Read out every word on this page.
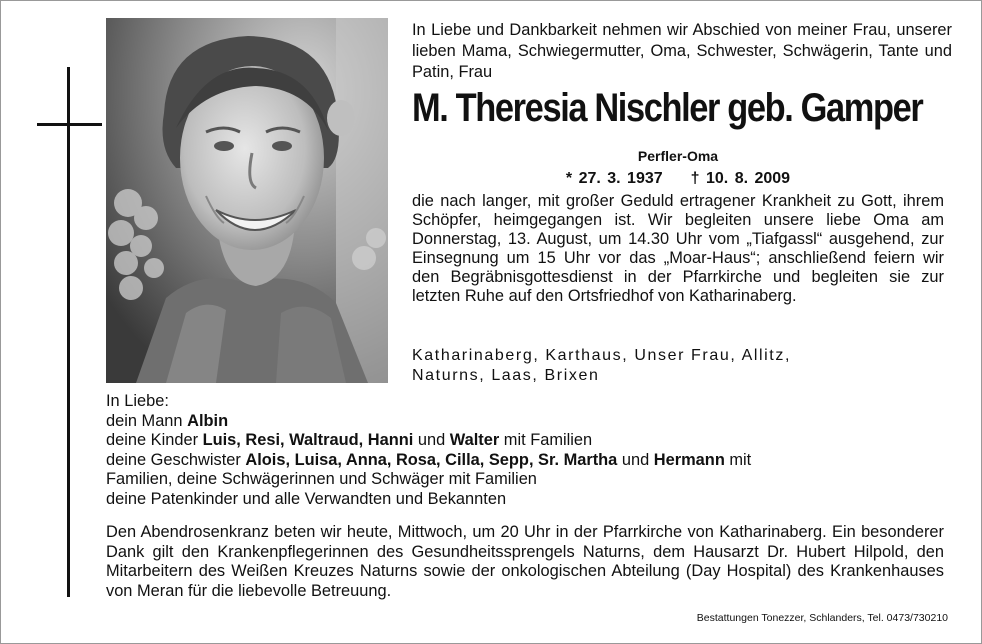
In Liebe und Dankbarkeit nehmen wir Abschied von meiner Frau, unserer lieben Mama, Schwiegermutter, Oma, Schwester, Schwägerin, Tante und Patin, Frau
M. Theresia Nischler geb. Gamper
Perfler-Oma
* 27. 3. 1937 † 10. 8. 2009
die nach langer, mit großer Geduld ertragener Krankheit zu Gott, ihrem Schöpfer, heimgegangen ist. Wir begleiten unsere liebe Oma am Donnerstag, 13. August, um 14.30 Uhr vom „Tiafgassl“ ausgehend, zur Einsegnung um 15 Uhr vor das „Moar-Haus“; anschließend feiern wir den Begräbnisgottesdienst in der Pfarrkirche und begleiten sie zur letzten Ruhe auf den Ortsfriedhof von Katharinaberg.
Katharinaberg, Karthaus, Unser Frau, Allitz,
Naturns, Laas, Brixen
In Liebe:
dein Mann Albin
deine Kinder Luis, Resi, Waltraud, Hanni und Walter mit Familien
deine Geschwister Alois, Luisa, Anna, Rosa, Cilla, Sepp, Sr. Martha und Hermann mit
Familien, deine Schwägerinnen und Schwäger mit Familien
deine Patenkinder und alle Verwandten und Bekannten
Den Abendrosenkranz beten wir heute, Mittwoch, um 20 Uhr in der Pfarrkirche von Katharinaberg. Ein besonderer Dank gilt den Krankenpflegerinnen des Gesundheitssprengels Naturns, dem Hausarzt Dr. Hubert Hilpold, den Mitarbeitern des Weißen Kreuzes Naturns sowie der onkologischen Abteilung (Day Hospital) des Krankenhauses von Meran für die liebevolle Betreuung.
Bestattungen Tonezzer, Schlanders, Tel. 0473/730210
